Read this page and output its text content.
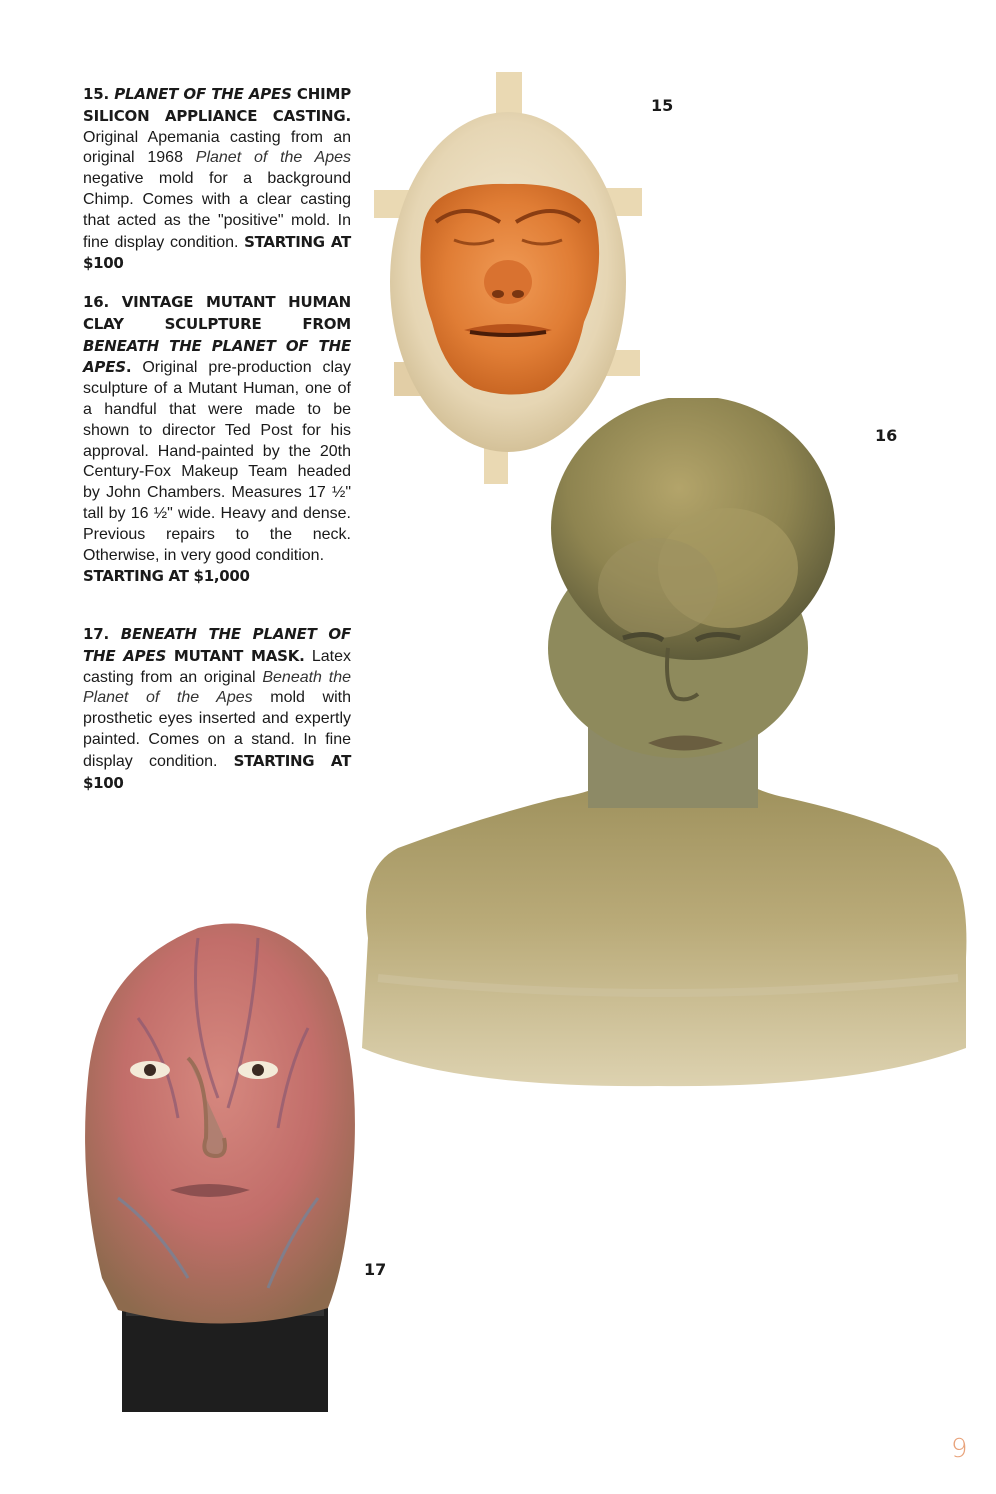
15. PLANET OF THE APES CHIMP SILICON APPLIANCE CASTING. Original Apemania casting from an original 1968 Planet of the Apes negative mold for a background Chimp. Comes with a clear casting that acted as the "positive" mold. In fine display condition. STARTING AT $100
16. VINTAGE MUTANT HUMAN CLAY SCULPTURE FROM BENEATH THE PLANET OF THE APES. Original pre-production clay sculpture of a Mutant Human, one of a handful that were made to be shown to director Ted Post for his approval. Hand-painted by the 20th Century-Fox Makeup Team headed by John Chambers. Measures 17 ½" tall by 16 ½" wide. Heavy and dense. Previous repairs to the neck. Otherwise, in very good condition.
STARTING AT $1,000
17. BENEATH THE PLANET OF THE APES MUTANT MASK. Latex casting from an original Beneath the Planet of the Apes mold with prosthetic eyes inserted and expertly painted. Comes on a stand. In fine display condition. STARTING AT $100
15
16
17
9
